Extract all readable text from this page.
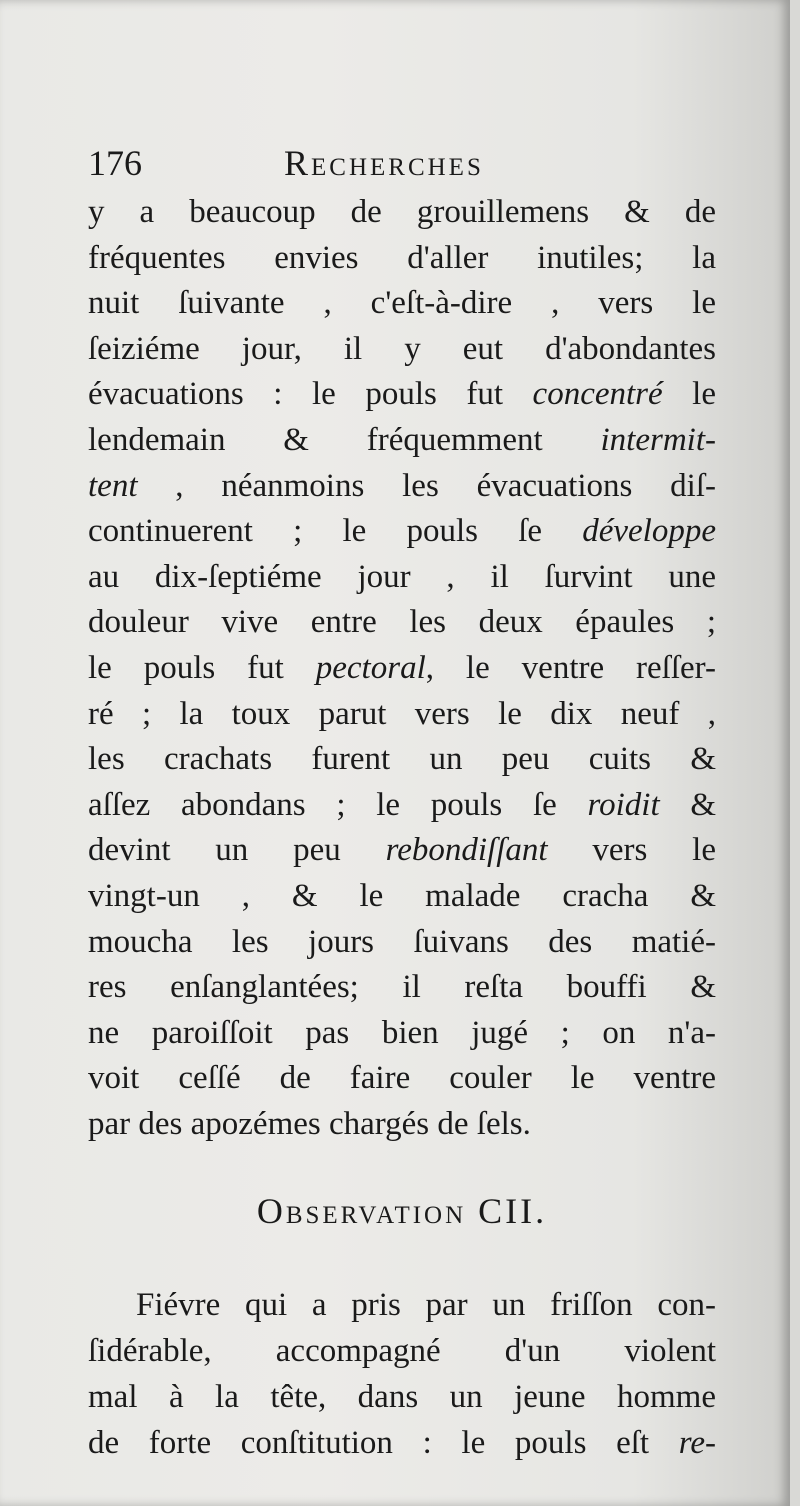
176	Recherches
y a beaucoup de grouillemens & de
fréquentes envies d'aller inutiles; la
nuit ſuivante , c'eſt-à-dire , vers le
ſeiziéme jour, il y eut d'abondantes
évacuations : le pouls fut concentré le
lendemain & fréquemment intermit-
tent , néanmoins les évacuations diſ-
continuerent ; le pouls ſe développe
au dix-ſeptiéme jour , il ſurvint une
douleur vive entre les deux épaules ;
le pouls fut pectoral, le ventre reſſer-
ré ; la toux parut vers le dix neuf ,
les crachats furent un peu cuits &
aſſez abondans ; le pouls ſe roidit &
devint un peu rebondiſſant vers le
vingt-un , & le malade cracha &
moucha les jours ſuivans des matié-
res enſanglantées; il reſta bouffi &
ne paroiſſoit pas bien jugé ; on n'a-
voit ceſſé de faire couler le ventre
par des apozémes chargés de ſels.
Observation CII.
Fiévre qui a pris par un friſſon con-
ſidérable, accompagné d'un violent
mal à la tête, dans un jeune homme
de forte conſtitution : le pouls eſt re-
